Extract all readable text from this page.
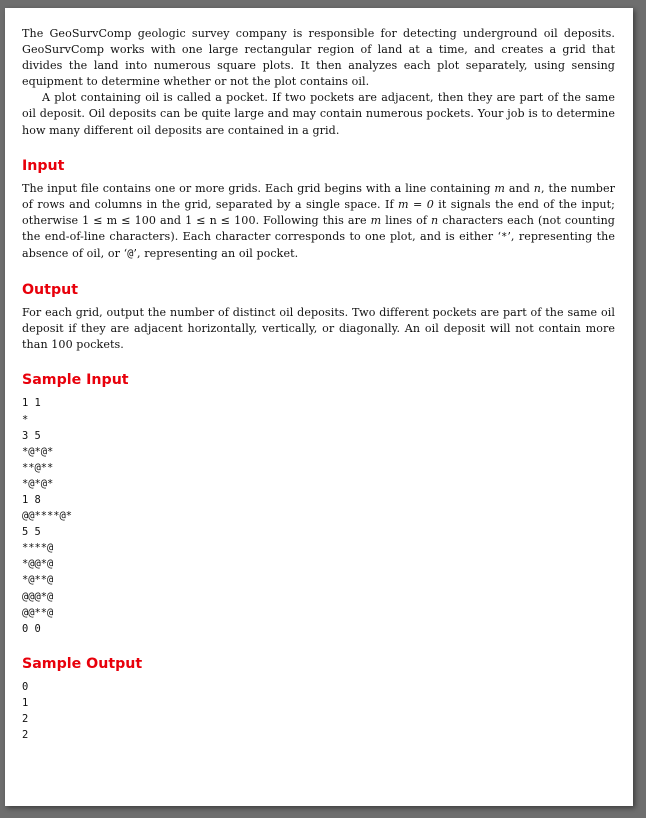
The GeoSurvComp geologic survey company is responsible for detecting underground oil deposits. GeoSurvComp works with one large rectangular region of land at a time, and creates a grid that divides the land into numerous square plots. It then analyzes each plot separately, using sensing equipment to determine whether or not the plot contains oil.

A plot containing oil is called a pocket. If two pockets are adjacent, then they are part of the same oil deposit. Oil deposits can be quite large and may contain numerous pockets. Your job is to determine how many different oil deposits are contained in a grid.

Input

The input file contains one or more grids. Each grid begins with a line containing m and n, the number of rows and columns in the grid, separated by a single space. If m = 0 it signals the end of the input; otherwise 1 ≤ m ≤ 100 and 1 ≤ n ≤ 100. Following this are m lines of n characters each (not counting the end-of-line characters). Each character corresponds to one plot, and is either ‘*’, representing the absence of oil, or ‘@’, representing an oil pocket.

Output

For each grid, output the number of distinct oil deposits. Two different pockets are part of the same oil deposit if they are adjacent horizontally, vertically, or diagonally. An oil deposit will not contain more than 100 pockets.

Sample Input
1 1
*
3 5
*@*@*
**@**
*@*@*
1 8
@@****@*
5 5
****@
*@@*@
*@**@
@@@*@
@@**@
0 0
Sample Output
0
1
2
2
